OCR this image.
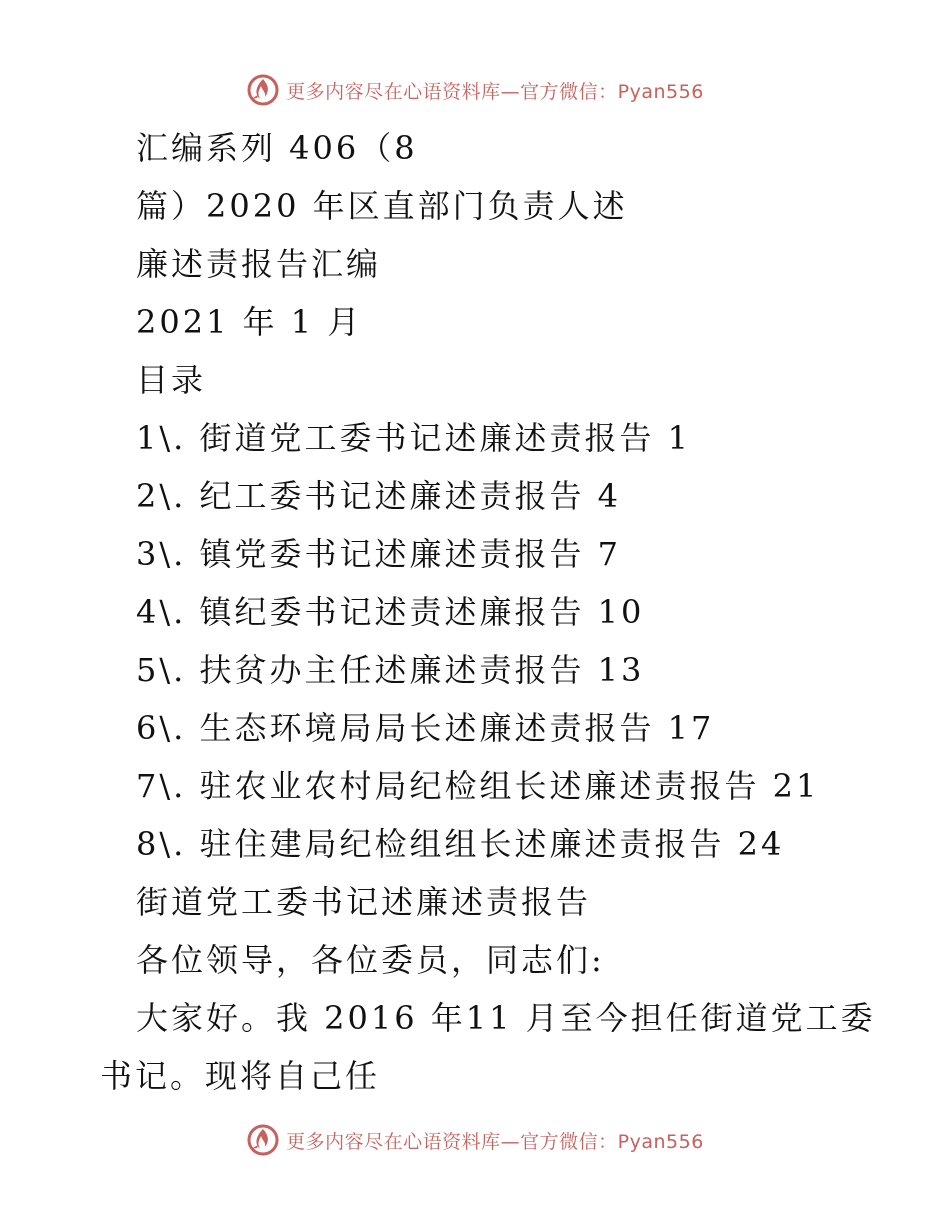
更多内容尽在心语资料库—官方微信：Pyan556
汇编系列 406（8
篇）2020 年区直部门负责人述
廉述责报告汇编
2021 年 1 月
目录
1\. 街道党工委书记述廉述责报告 1
2\. 纪工委书记述廉述责报告 4
3\. 镇党委书记述廉述责报告 7
4\. 镇纪委书记述责述廉报告 10
5\. 扶贫办主任述廉述责报告 13
6\. 生态环境局局长述廉述责报告 17
7\. 驻农业农村局纪检组长述廉述责报告 21
8\. 驻住建局纪检组组长述廉述责报告 24
街道党工委书记述廉述责报告
各位领导，各位委员，同志们:
大家好。我 2016 年11 月至今担任街道党工委
书记。现将自己任
更多内容尽在心语资料库—官方微信：Pyan556
